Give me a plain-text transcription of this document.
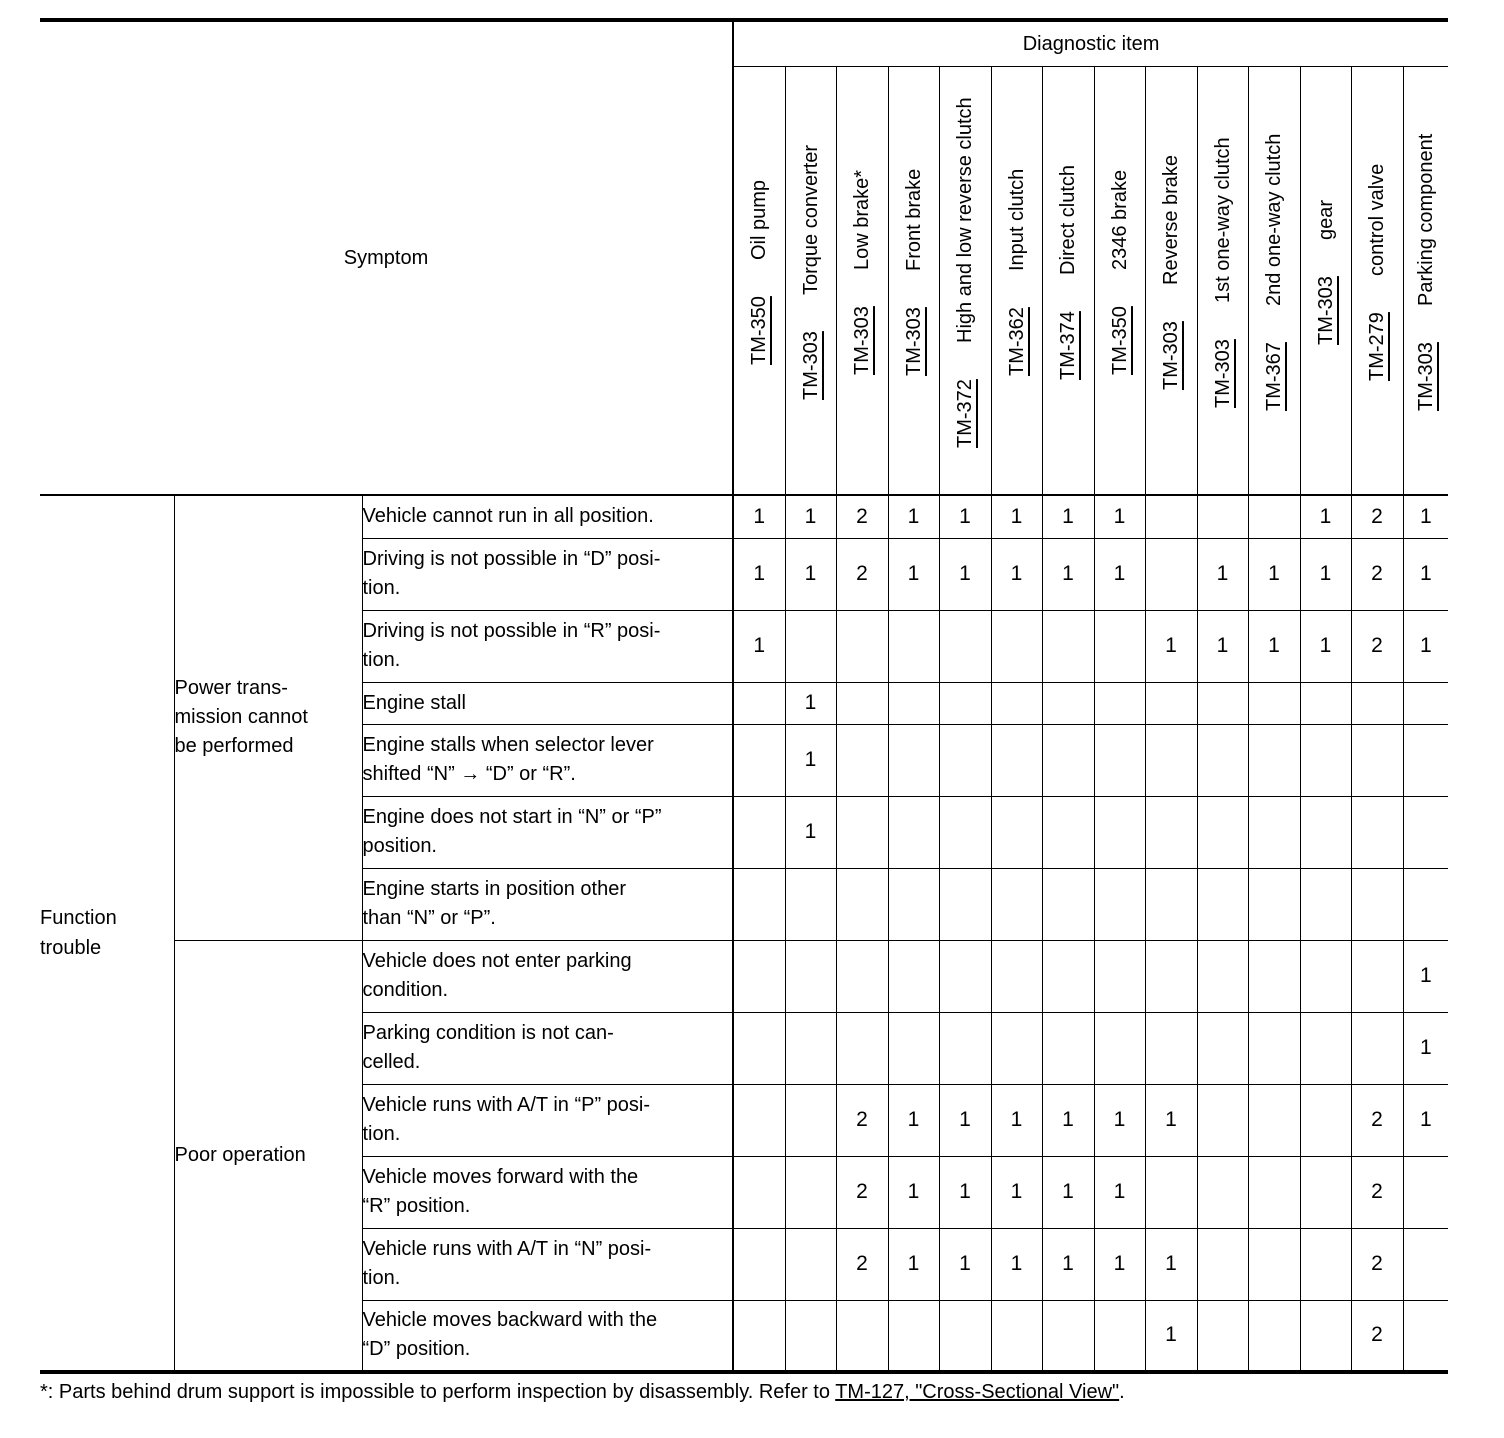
Symptom			Diagnostic item													

			TM-350Oil pump	TM-303Torque converter	TM-303Low brake*	TM-303Front brake	TM-372High and low reverse clutch	TM-362Input clutch	TM-374Direct clutch	TM-3502346 brake	TM-303Reverse brake	TM-3031st one-way clutch	TM-3672nd one-way clutch	TM-303gear	TM-279control valve	TM-303Parking component

Function
trouble	Power trans-
mission cannot
be performed	Vehicle cannot run in all position.	1	1	2	1	1	1	1	1				1	2	1
		Driving is not possible in “D” posi-
tion.	1	1	2	1	1	1	1	1		1	1	1	2	1
		Driving is not possible in “R” posi-
tion.	1								1	1	1	1	2	1
		Engine stall		1												
		Engine stalls when selector lever
shifted “N” → “D” or “R”.		1												
		Engine does not start in “N” or “P”
position.		1												
		Engine starts in position other
than “N” or “P”.														
	Poor operation	Vehicle does not enter parking
condition.														1
		Parking condition is not can-
celled.														1
		Vehicle runs with A/T in “P” posi-
tion.			2	1	1	1	1	1	1				2	1
		Vehicle moves forward with the
“R” position.			2	1	1	1	1	1					2	
		Vehicle runs with A/T in “N” posi-
tion.			2	1	1	1	1	1	1				2	
		Vehicle moves backward with the
“D” position.									1				2	
*: Parts behind drum support is impossible to perform inspection by disassembly. Refer to TM-127, "Cross-Sectional View".
